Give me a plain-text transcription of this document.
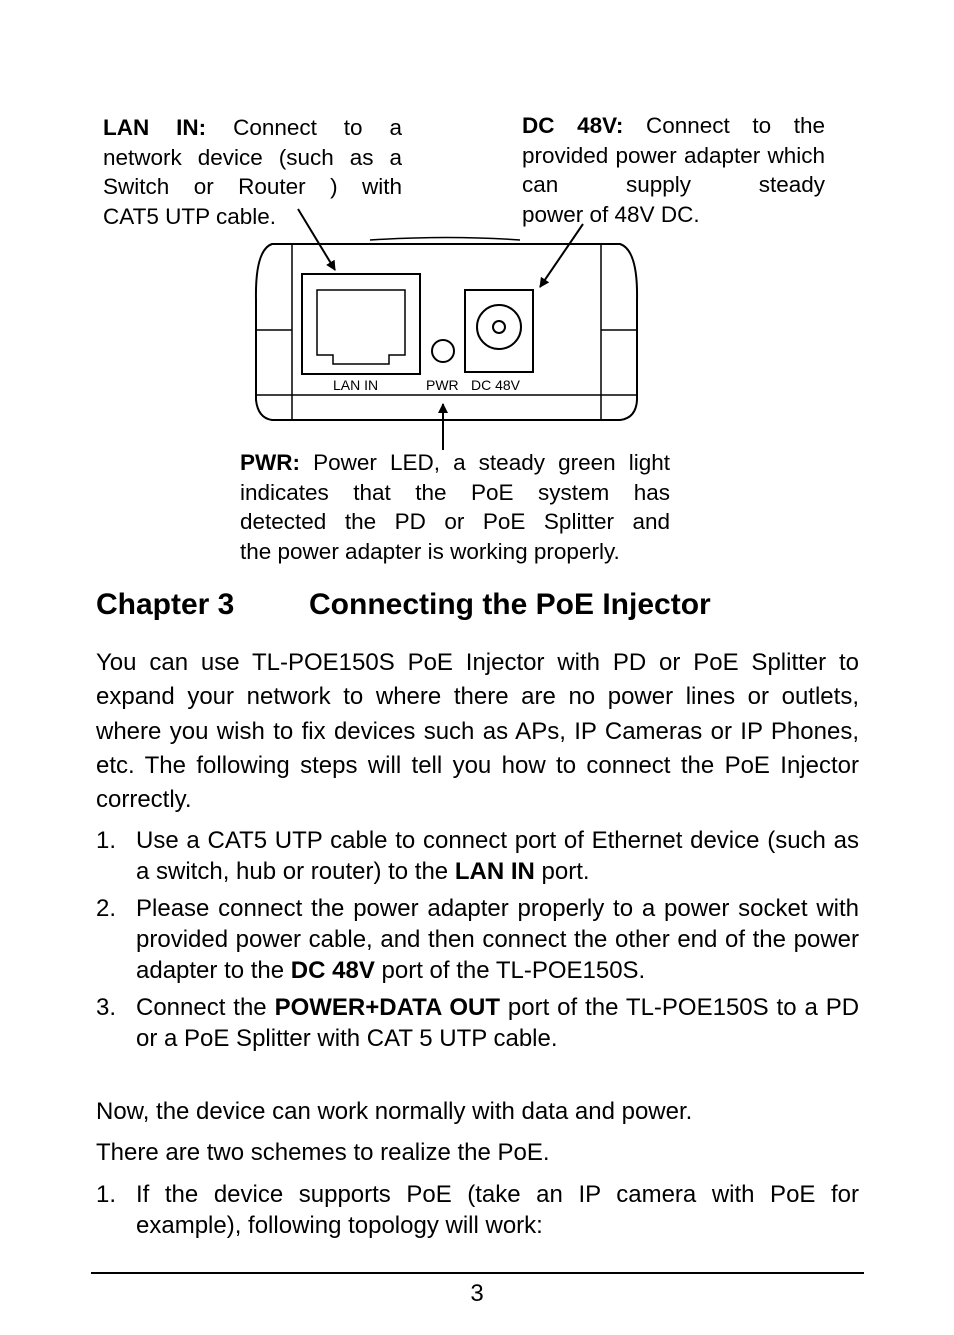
LAN IN: Connect to a network device (such as a Switch or Router ) with
CAT5 UTP cable.
DC 48V: Connect to the provided power adapter which can supply steady
power of 48V DC.
PWR: Power LED, a steady green light indicates that the PoE system has detected the PD or PoE Splitter and
the power adapter is working properly.
LAN IN	PWR DC 48V
Chapter 3 Connecting the PoE Injector

You can use TL-POE150S PoE Injector with PD or PoE Splitter to expand your network to where there are no power lines or outlets, where you wish to fix devices such as APs, IP Cameras or IP Phones, etc. The following steps will tell you how to connect the PoE Injector correctly.

1. Use a CAT5 UTP cable to connect port of Ethernet device (such as a switch, hub or router) to the LAN IN port.
2. Please connect the power adapter properly to a power socket with provided power cable, and then connect the other end of the power adapter to the DC 48V port of the TL-POE150S.
3. Connect the POWER+DATA OUT port of the TL-POE150S to a PD or a PoE Splitter with CAT 5 UTP cable.

Now, the device can work normally with data and power.

There are two schemes to realize the PoE.

1. If the device supports PoE (take an IP camera with PoE for example), following topology will work:
3
